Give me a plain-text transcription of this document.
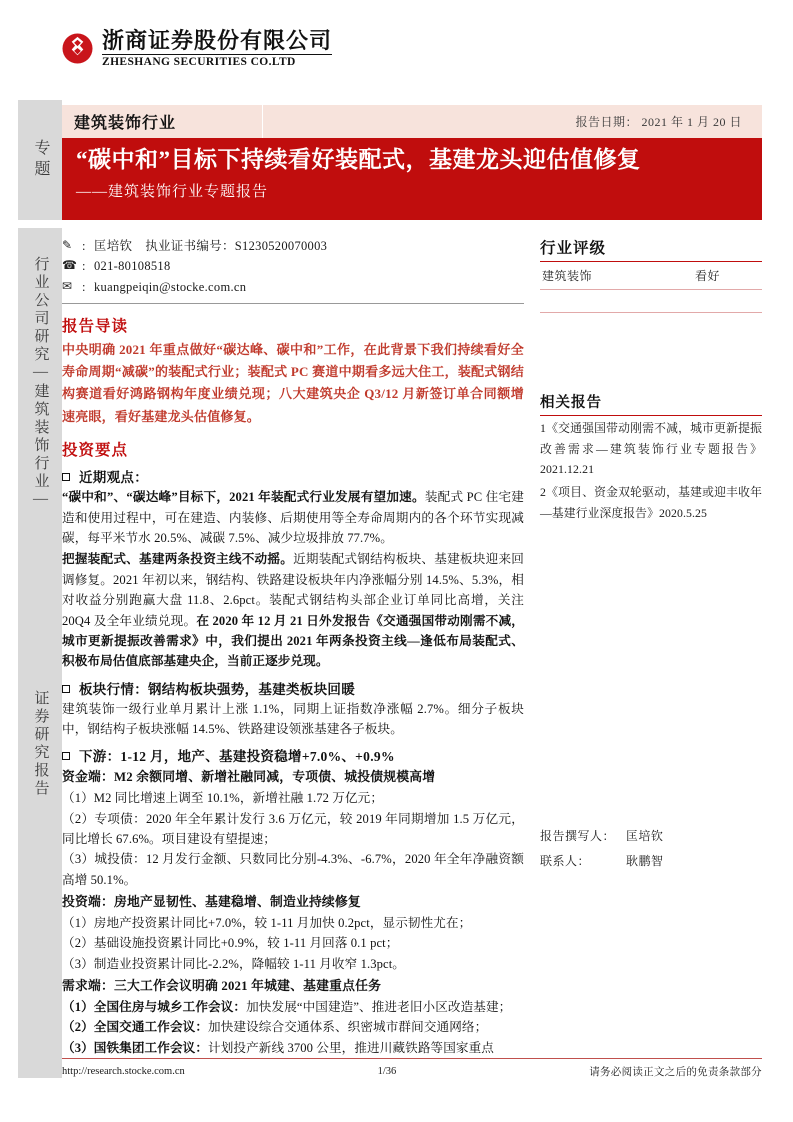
专题
行业公司研究—建筑装饰行业—
证券研究报告
浙商证券股份有限公司
ZHESHANG SECURITIES CO.LTD
建筑装饰行业	报告日期： 2021 年 1 月 20 日
“碳中和”目标下持续看好装配式，基建龙头迎估值修复
——建筑装饰行业专题报告
✎ : 匡培钦　执业证书编号：S1230520070003
☎ : 021-80108518
✉ : kuangpeiqin@stocke.com.cn
报告导读
中央明确 2021 年重点做好“碳达峰、碳中和”工作，在此背景下我们持续看好全寿命周期“减碳”的装配式行业；装配式 PC 赛道中期看多远大住工，装配式钢结构赛道看好鸿路钢构年度业绩兑现；八大建筑央企 Q3/12 月新签订单合同额增速亮眼，看好基建龙头估值修复。
投资要点
近期观点：
“碳中和”、“碳达峰”目标下，2021 年装配式行业发展有望加速。装配式 PC 住宅建造和使用过程中，可在建造、内装修、后期使用等全寿命周期内的各个环节实现减碳，每平米节水 20.5%、减碳 7.5%、减少垃圾排放 77.7%。
把握装配式、基建两条投资主线不动摇。近期装配式钢结构板块、基建板块迎来回调修复。2021 年初以来，钢结构、铁路建设板块年内净涨幅分别 14.5%、5.3%，相对收益分别跑赢大盘 11.8、2.6pct。装配式钢结构头部企业订单同比高增，关注 20Q4 及全年业绩兑现。在 2020 年 12 月 21 日外发报告《交通强国带动刚需不减，城市更新提振改善需求》中，我们提出 2021 年两条投资主线—逢低布局装配式、积极布局估值底部基建央企，当前正逐步兑现。
板块行情：钢结构板块强势，基建类板块回暖
建筑装饰一级行业单月累计上涨 1.1%，同期上证指数净涨幅 2.7%。细分子板块中，钢结构子板块涨幅 14.5%、铁路建设领涨基建各子板块。
下游：1-12 月，地产、基建投资稳增+7.0%、+0.9%
资金端：M2 余额同增、新增社融同减，专项债、城投债规模高增
（1）M2 同比增速上调至 10.1%，新增社融 1.72 万亿元；
（2）专项债：2020 年全年累计发行 3.6 万亿元，较 2019 年同期增加 1.5 万亿元，同比增长 67.6%。项目建设有望提速；
（3）城投债：12 月发行金额、只数同比分别-4.3%、-6.7%，2020 年全年净融资额高增 50.1%。
投资端：房地产显韧性、基建稳增、制造业持续修复
（1）房地产投资累计同比+7.0%，较 1-11 月加快 0.2pct，显示韧性尤在；
（2）基础设施投资累计同比+0.9%，较 1-11 月回落 0.1 pct；
（3）制造业投资累计同比-2.2%，降幅较 1-11 月收窄 1.3pct。
需求端：三大工作会议明确 2021 年城建、基建重点任务
（1）全国住房与城乡工作会议：加快发展“中国建造”、推进老旧小区改造基建；
（2）全国交通工作会议：加快建设综合交通体系、织密城市群间交通网络；
（3）国铁集团工作会议：计划投产新线 3700 公里，推进川藏铁路等国家重点
行业评级
建筑装饰	看好
相关报告
1《交通强国带动刚需不减，城市更新提振改善需求—建筑装饰行业专题报告》2021.12.21
2《项目、资金双轮驱动，基建或迎丰收年—基建行业深度报告》2020.5.25
报告撰写人： 匡培钦
联系人：	耿鹏智
http://research.stocke.com.cn	1/36	请务必阅读正文之后的免责条款部分
